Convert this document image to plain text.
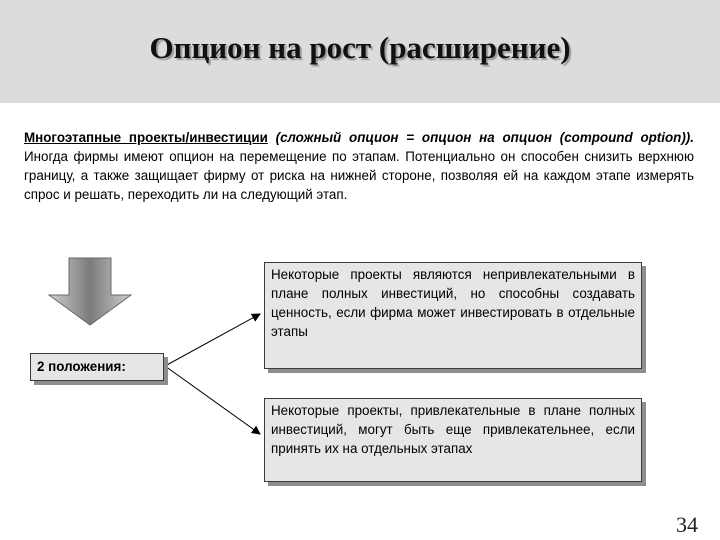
Опцион на рост (расширение)
Многоэтапные проекты/инвестиции (сложный опцион = опцион на опцион (compound option)). Иногда фирмы имеют опцион на перемещение по этапам. Потенциально он способен снизить верхнюю границу, а также защищает фирму от риска на нижней стороне, позволяя ей на каждом этапе измерять спрос и решать, переходить ли на следующий этап.
2 положения:
Некоторые проекты являются непривлекательными в плане полных инвестиций, но способны создавать ценность, если фирма может инвестировать в отдельные этапы
Некоторые проекты, привлекательные в плане полных инвестиций, могут быть еще привлекательнее, если принять их на отдельных этапах
34
